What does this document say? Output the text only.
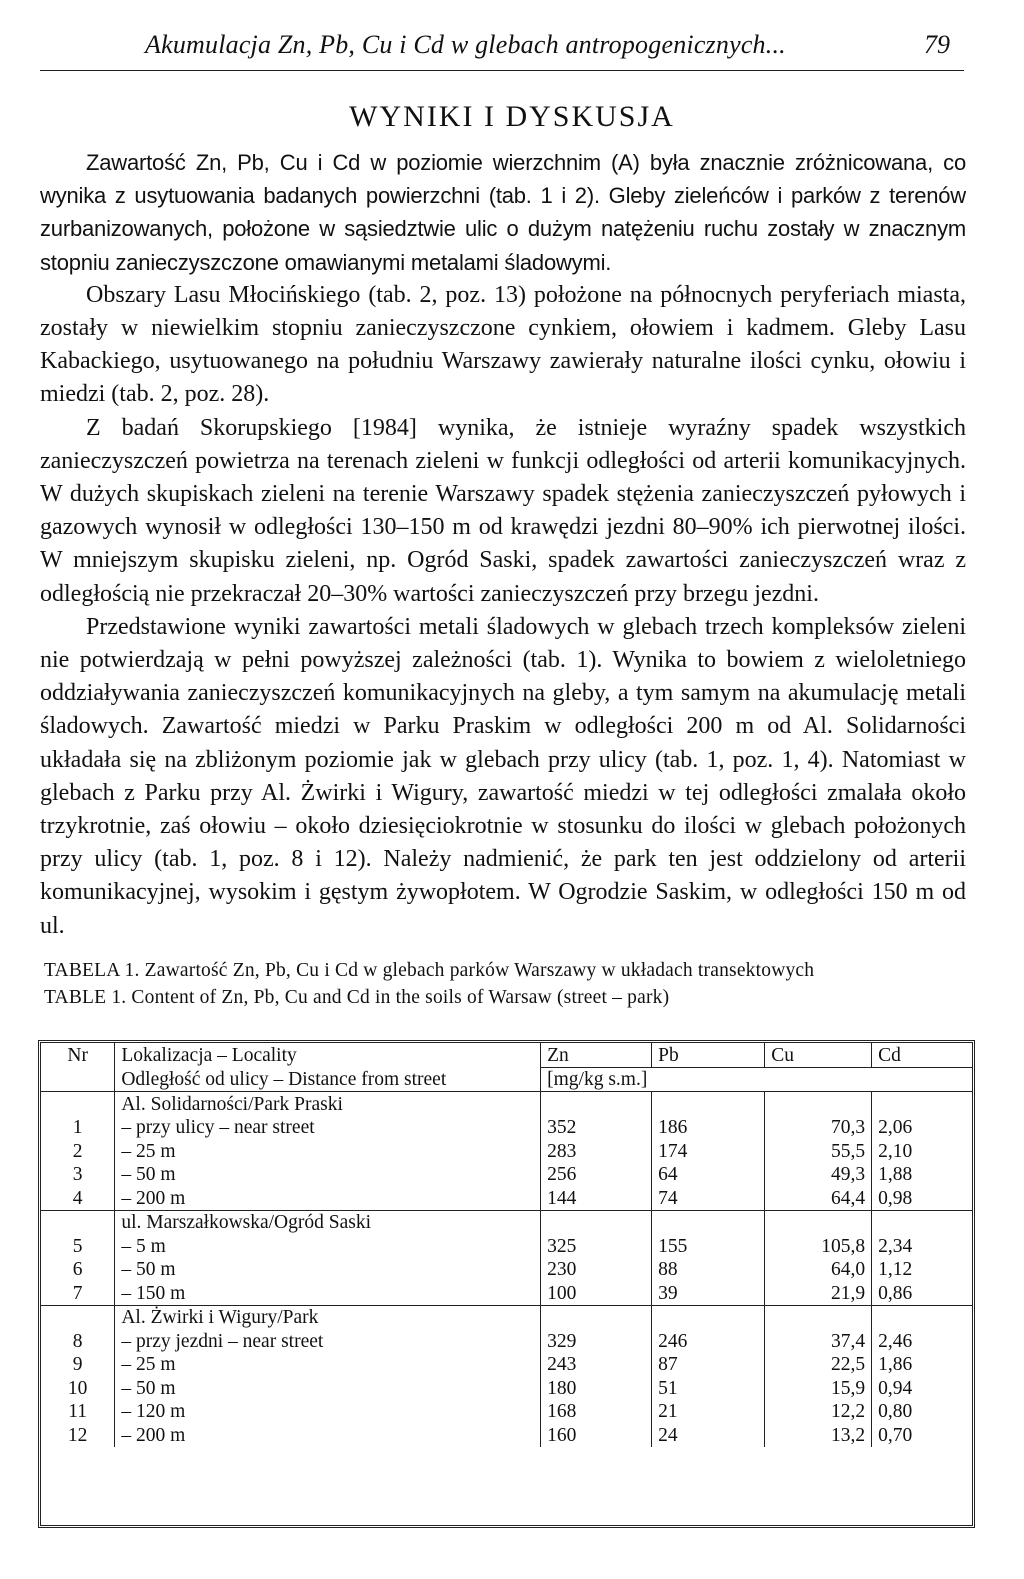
Akumulacja Zn, Pb, Cu i Cd w glebach antropogenicznych...	79
WYNIKI I DYSKUSJA

Zawartość Zn, Pb, Cu i Cd w poziomie wierzchnim (A) była znacznie zróżnicowana, co wynika z usytuowania badanych powierzchni (tab. 1 i 2). Gleby zieleńców i parków z terenów zurbanizowanych, położone w sąsiedztwie ulic o dużym natężeniu ruchu zostały w znacznym stopniu zanieczyszczone omawianymi metalami śladowymi.

Obszary Lasu Młocińskiego (tab. 2, poz. 13) położone na północnych peryferiach miasta, zostały w niewielkim stopniu zanieczyszczone cynkiem, ołowiem i kadmem. Gleby Lasu Kabackiego, usytuowanego na południu Warszawy zawierały naturalne ilości cynku, ołowiu i miedzi (tab. 2, poz. 28).

Z badań Skorupskiego [1984] wynika, że istnieje wyraźny spadek wszystkich zanieczyszczeń powietrza na terenach zieleni w funkcji odległości od arterii komunikacyjnych. W dużych skupiskach zieleni na terenie Warszawy spadek stężenia zanieczyszczeń pyłowych i gazowych wynosił w odległości 130–150 m od krawędzi jezdni 80–90% ich pierwotnej ilości. W mniejszym skupisku zieleni, np. Ogród Saski, spadek zawartości zanieczyszczeń wraz z odległością nie przekraczał 20–30% wartości zanieczyszczeń przy brzegu jezdni.

Przedstawione wyniki zawartości metali śladowych w glebach trzech kompleksów zieleni nie potwierdzają w pełni powyższej zależności (tab. 1). Wynika to bowiem z wieloletniego oddziaływania zanieczyszczeń komunikacyjnych na gleby, a tym samym na akumulację metali śladowych. Zawartość miedzi w Parku Praskim w odległości 200 m od Al. Solidarności układała się na zbliżonym poziomie jak w glebach przy ulicy (tab. 1, poz. 1, 4). Natomiast w glebach z Parku przy Al. Żwirki i Wigury, zawartość miedzi w tej odległości zmalała około trzykrotnie, zaś ołowiu – około dziesięciokrotnie w stosunku do ilości w glebach położonych przy ulicy (tab. 1, poz. 8 i 12). Należy nadmienić, że park ten jest oddzielony od arterii komunikacyjnej, wysokim i gęstym żywopłotem. W Ogrodzie Saskim, w odległości 150 m od ul.

TABELA 1. Zawartość Zn, Pb, Cu i Cd w glebach parków Warszawy w układach transektowych
TABLE 1. Content of Zn, Pb, Cu and Cd in the soils of Warsaw (street – park)
Nr	Lokalizacja – Locality	Zn	Pb	Cu	Cd
	Odległość od ulicy – Distance from street	[mg/kg s.m.]			
	Al. Solidarności/Park Praski				
1	– przy ulicy – near street	352	186	70,3	2,06
2	– 25 m	283	174	55,5	2,10
3	– 50 m	256	64	49,3	1,88
4	– 200 m	144	74	64,4	0,98
	ul. Marszałkowska/Ogród Saski				
5	– 5 m	325	155	105,8	2,34
6	– 50 m	230	88	64,0	1,12
7	– 150 m	100	39	21,9	0,86
	Al. Żwirki i Wigury/Park				
8	– przy jezdni – near street	329	246	37,4	2,46
9	– 25 m	243	87	22,5	1,86
10	– 50 m	180	51	15,9	0,94
11	– 120 m	168	21	12,2	0,80
12	– 200 m	160	24	13,2	0,70
